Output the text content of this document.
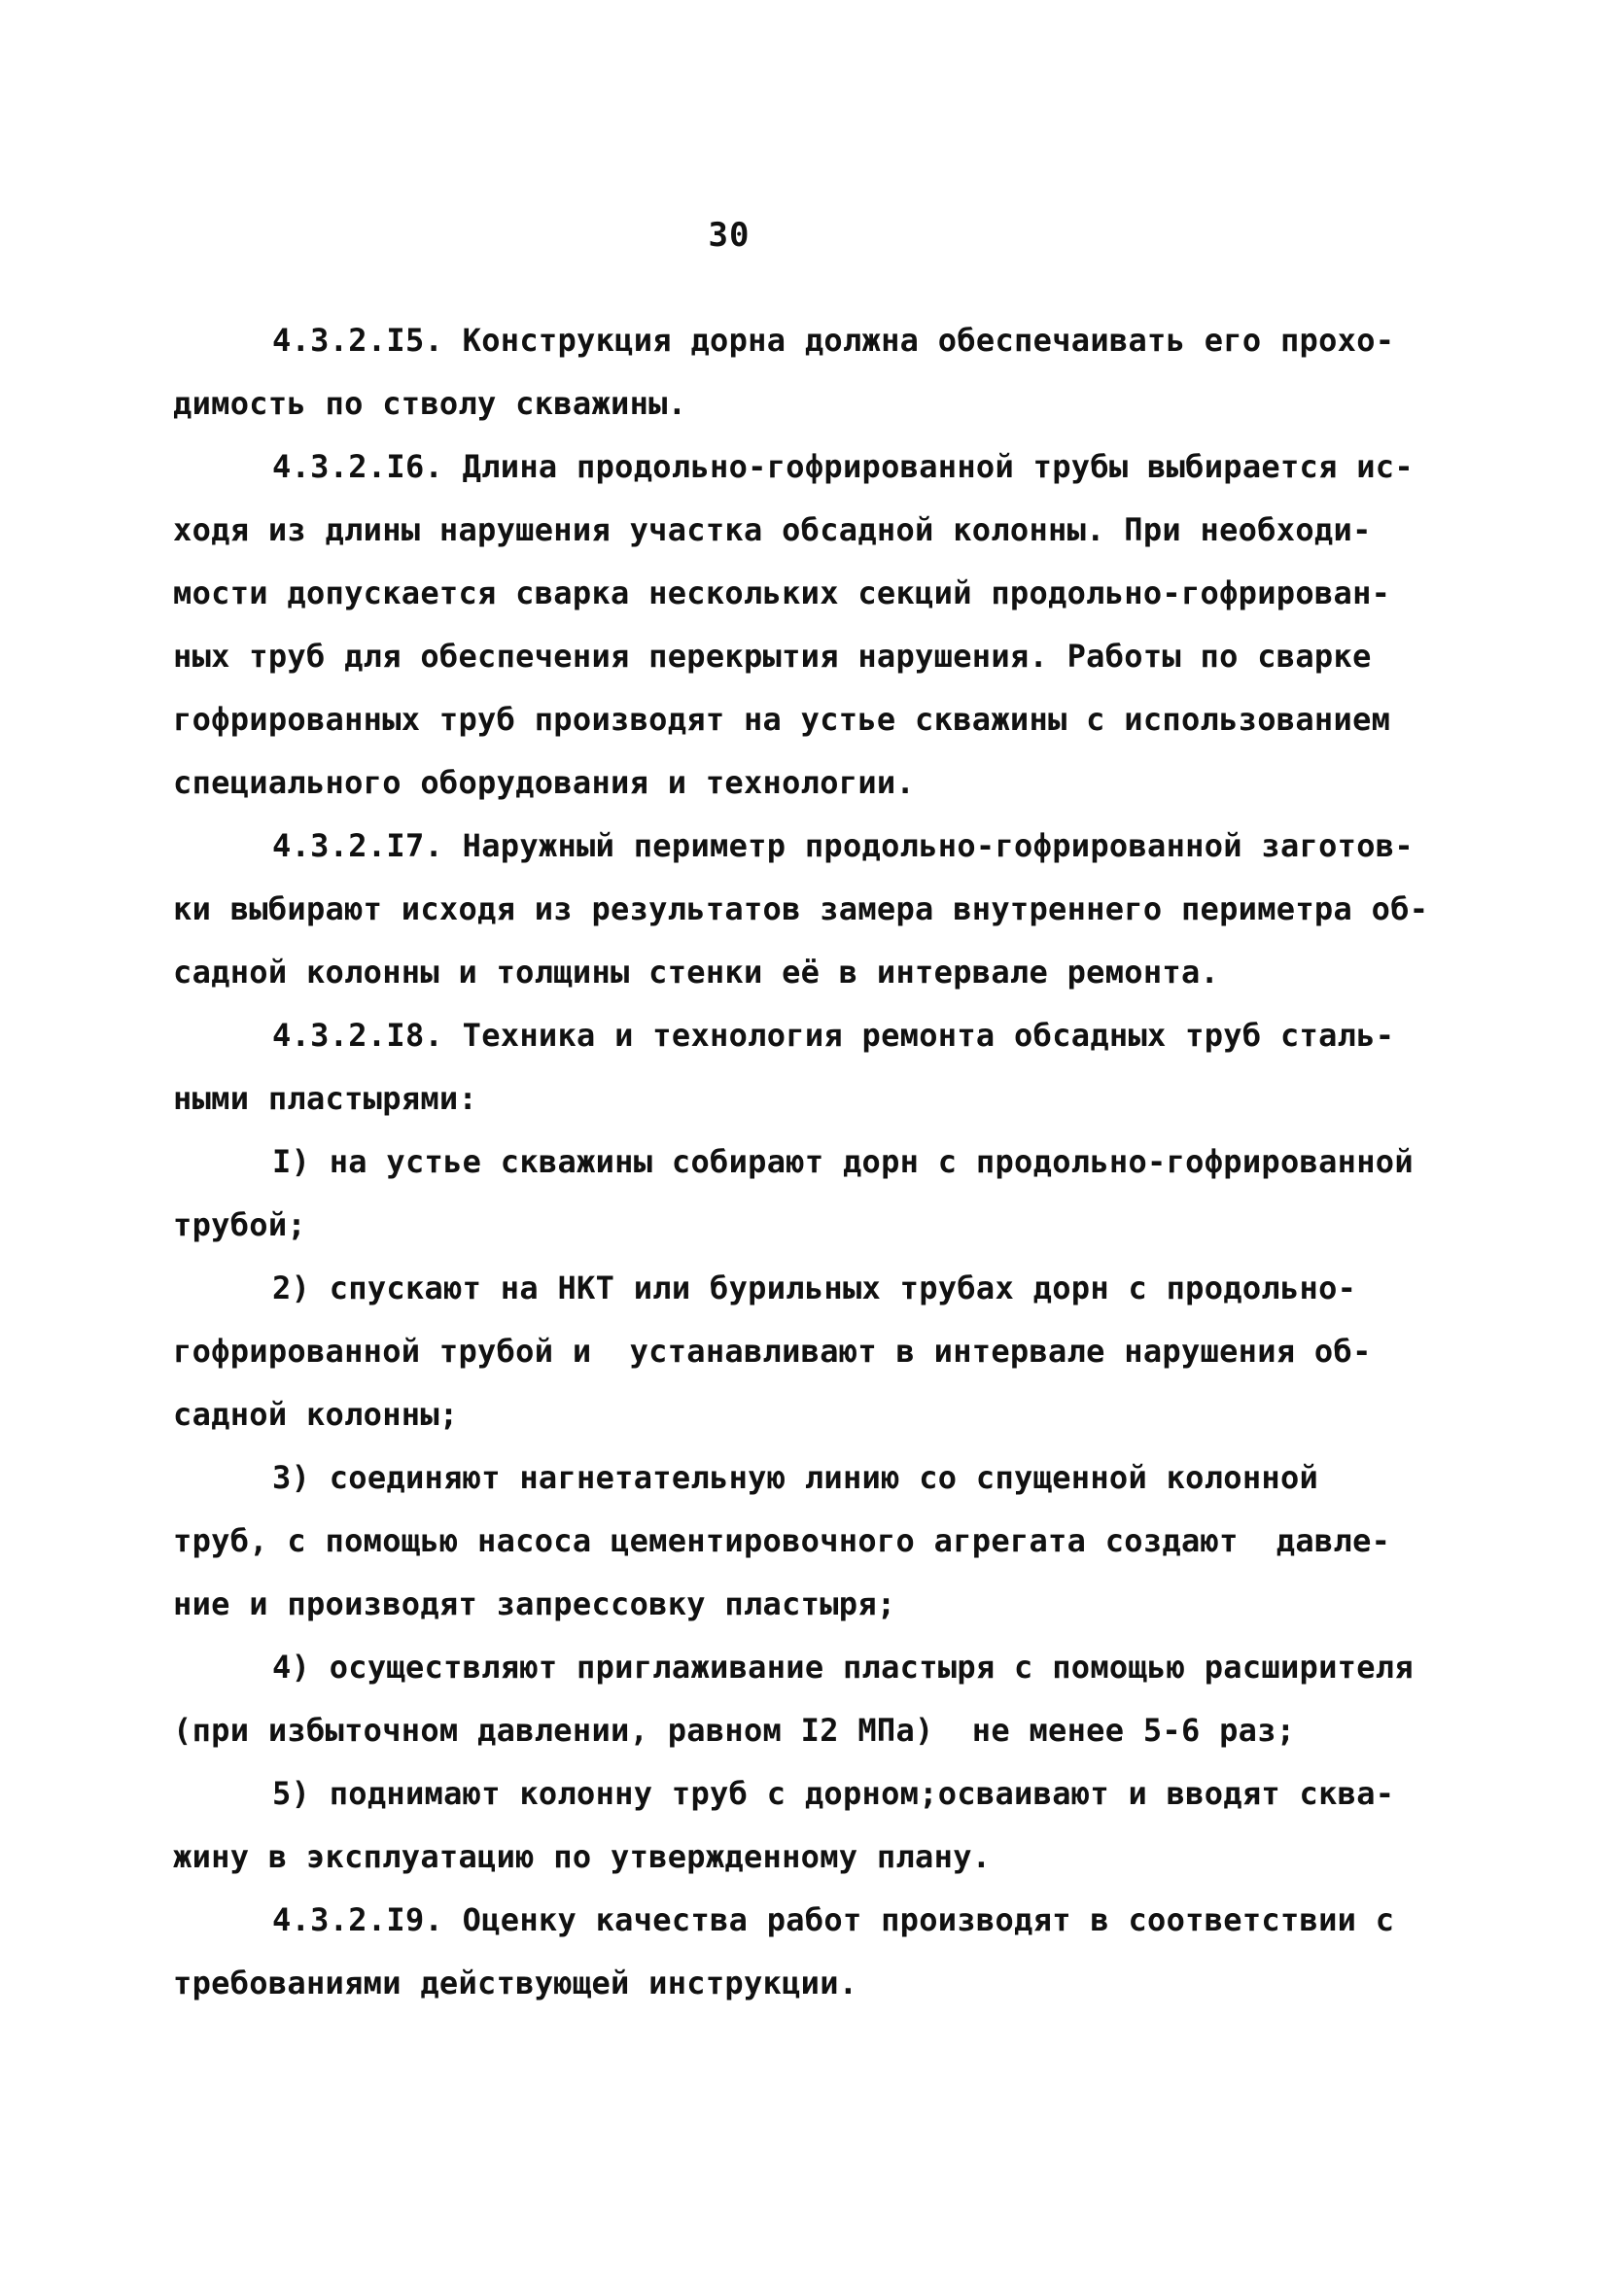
30
4.3.2.I5. Конструкция дорна должна обеспечаивать его прохо-
димость по стволу скважины.
4.3.2.I6. Длина продольно-гофрированной трубы выбирается ис-
ходя из длины нарушения участка обсадной колонны. При необходи-
мости допускается сварка нескольких секций продольно-гофрирован-
ных труб для обеспечения перекрытия нарушения. Работы по сварке
гофрированных труб производят на устье скважины с использованием
специального оборудования и технологии.
4.3.2.I7. Наружный периметр продольно-гофрированной заготов-
ки выбирают исходя из результатов замера внутреннего периметра об-
садной колонны и толщины стенки её в интервале ремонта.
4.3.2.I8. Техника и технология ремонта обсадных труб сталь-
ными пластырями:
I) на устье скважины собирают дорн с продольно-гофрированной
трубой;
2) спускают на НКТ или бурильных трубах дорн с продольно-
гофрированной трубой и  устанавливают в интервале нарушения об-
садной колонны;
3) соединяют нагнетательную линию со спущенной колонной
труб, с помощью насоса цементировочного агрегата создают  давле-
ние и производят запрессовку пластыря;
4) осуществляют приглаживание пластыря с помощью расширителя
(при избыточном давлении, равном I2 МПа)  не менее 5-6 раз;
5) поднимают колонну труб с дорном;осваивают и вводят сква-
жину в эксплуатацию по утвержденному плану.
4.3.2.I9. Оценку качества работ производят в соответствии с
требованиями действующей инструкции.
